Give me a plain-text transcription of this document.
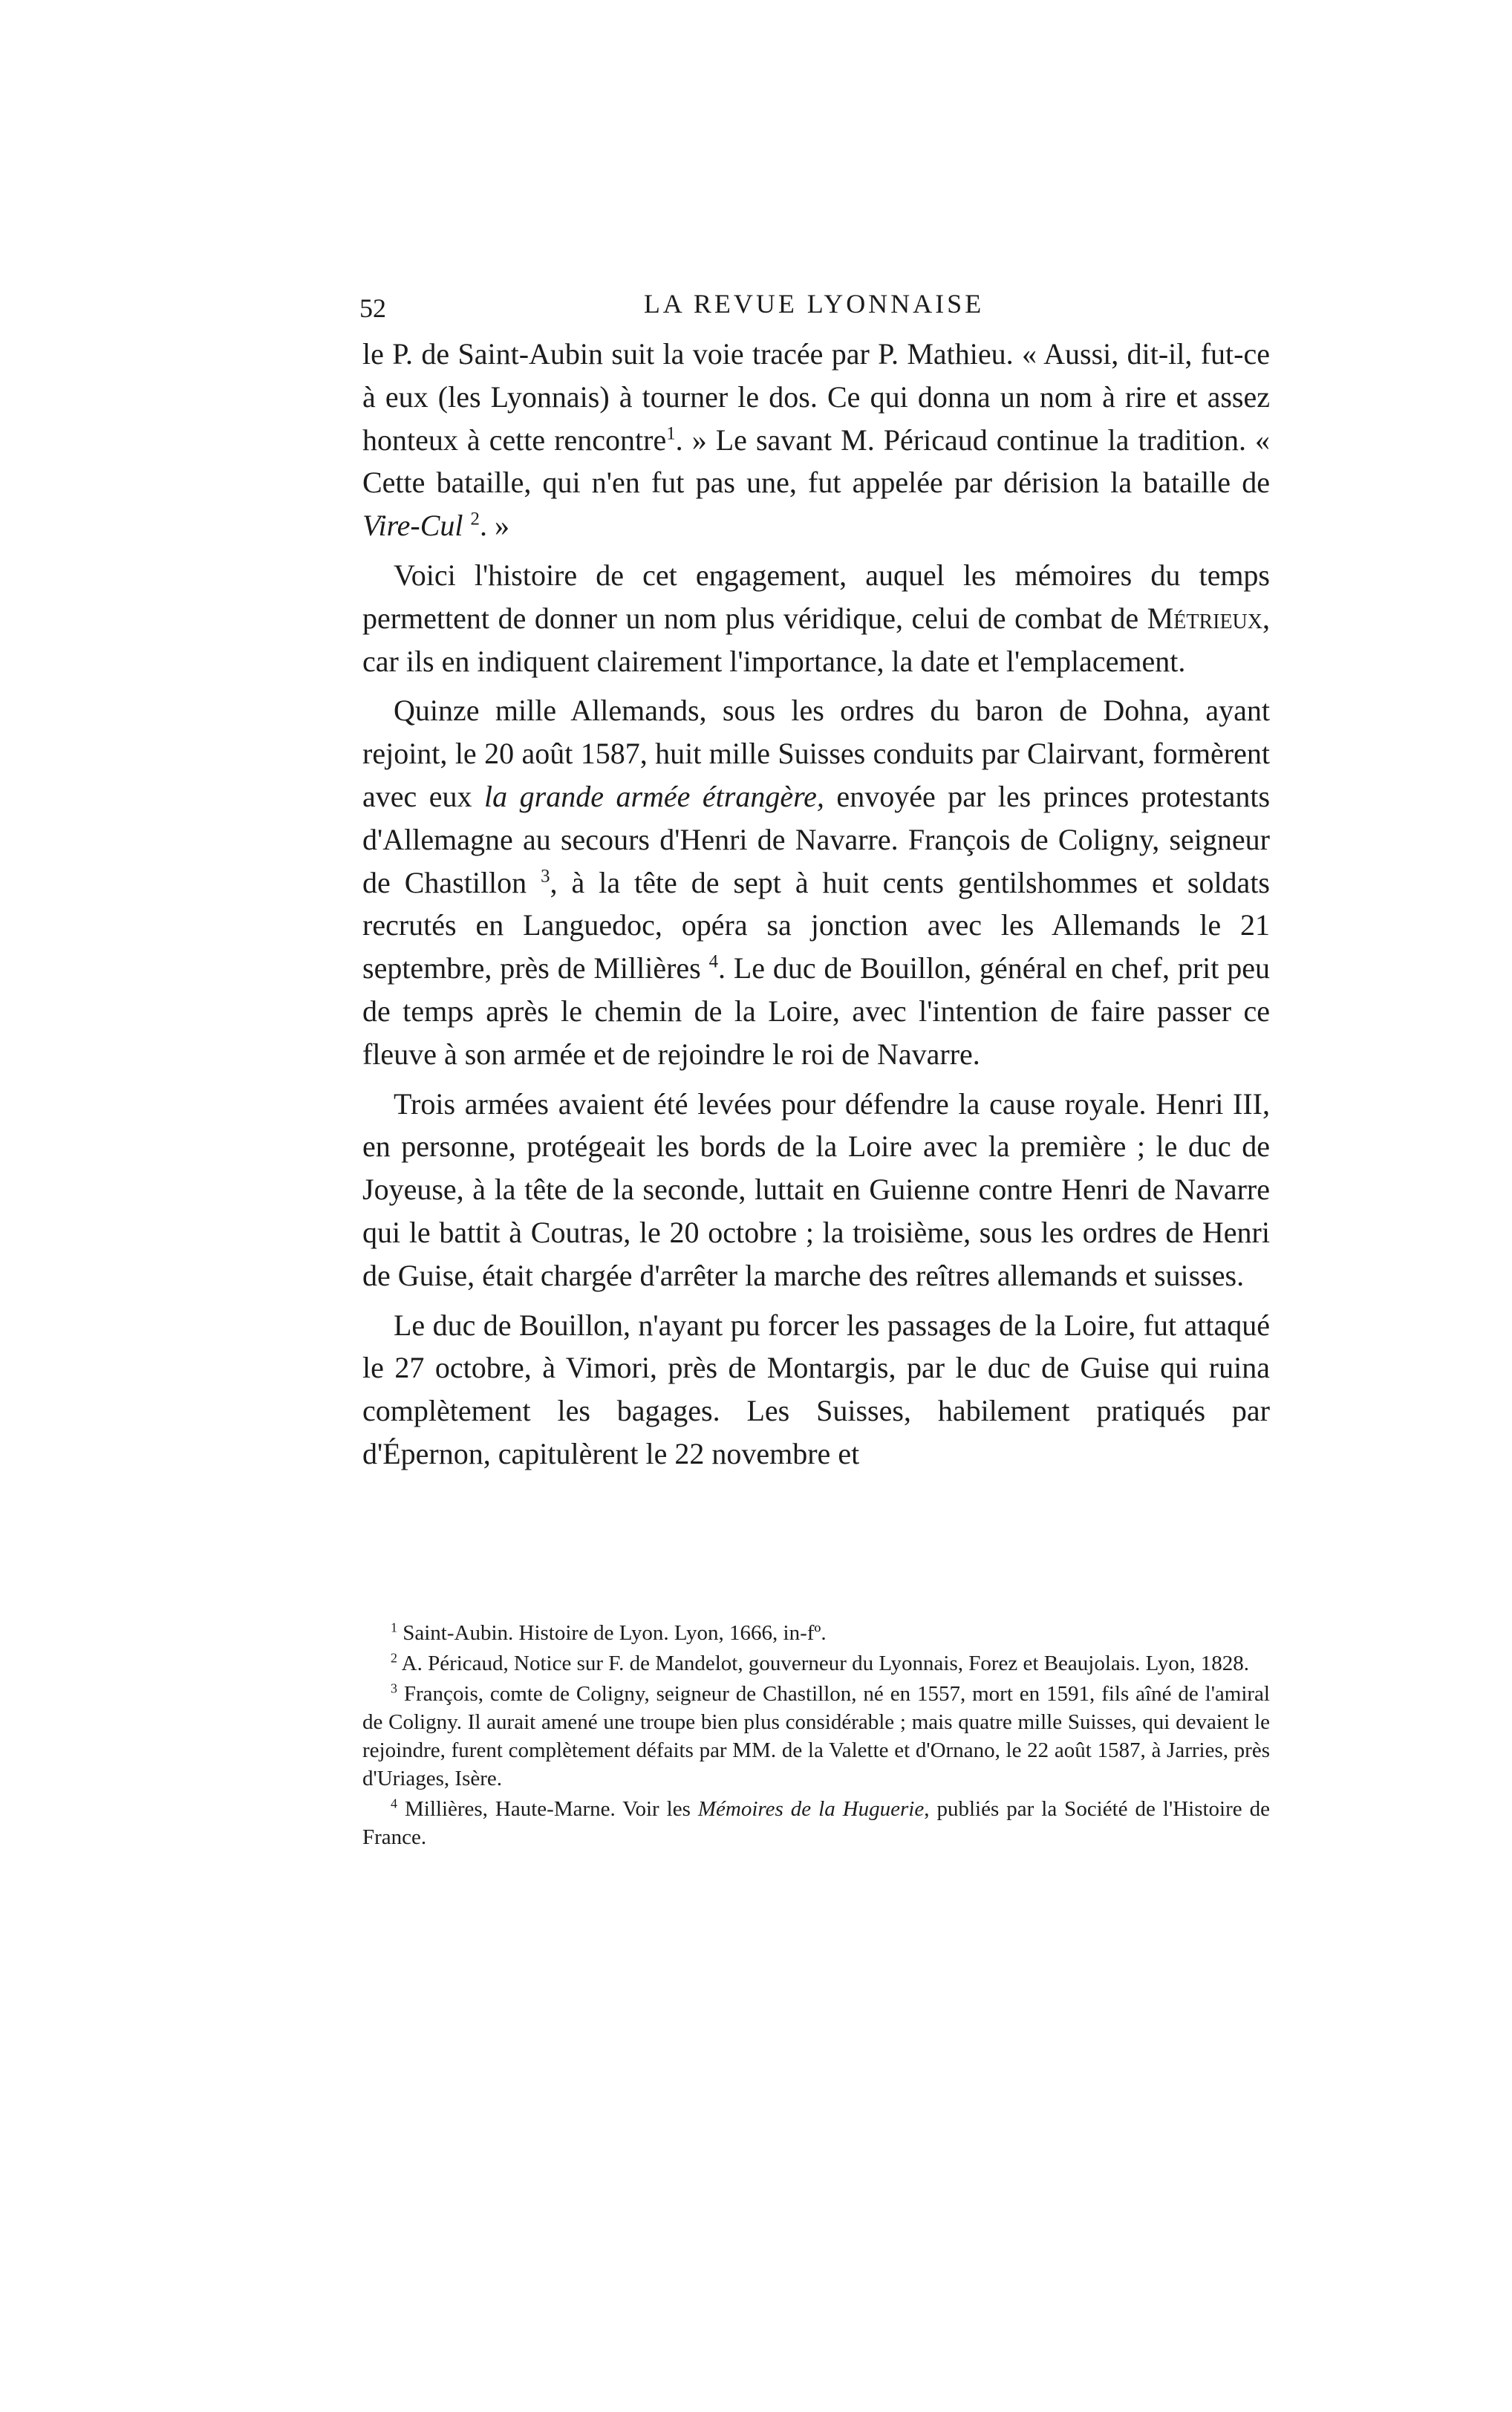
52	LA REVUE LYONNAISE

le P. de Saint-Aubin suit la voie tracée par P. Mathieu. « Aussi, dit-il, fut-ce à eux (les Lyonnais) à tourner le dos. Ce qui donna un nom à rire et assez honteux à cette rencontre$^1$. » Le savant M. Péricaud continue la tradition. « Cette bataille, qui n'en fut pas une, fut appelée par dérision la bataille de Vire-Cul $^2$. »

Voici l'histoire de cet engagement, auquel les mémoires du temps permettent de donner un nom plus véridique, celui de combat de Métrieux, car ils en indiquent clairement l'importance, la date et l'emplacement.

Quinze mille Allemands, sous les ordres du baron de Dohna, ayant rejoint, le 20 août 1587, huit mille Suisses conduits par Clairvant, formèrent avec eux la grande armée étrangère, envoyée par les princes protestants d'Allemagne au secours d'Henri de Navarre. François de Coligny, seigneur de Chastillon $^3$, à la tête de sept à huit cents gentilshommes et soldats recrutés en Languedoc, opéra sa jonction avec les Allemands le 21 septembre, près de Millières $^4$. Le duc de Bouillon, général en chef, prit peu de temps après le chemin de la Loire, avec l'intention de faire passer ce fleuve à son armée et de rejoindre le roi de Navarre.

Trois armées avaient été levées pour défendre la cause royale. Henri III, en personne, protégeait les bords de la Loire avec la première ; le duc de Joyeuse, à la tête de la seconde, luttait en Guienne contre Henri de Navarre qui le battit à Coutras, le 20 octobre ; la troisième, sous les ordres de Henri de Guise, était chargée d'arrêter la marche des reîtres allemands et suisses.

Le duc de Bouillon, n'ayant pu forcer les passages de la Loire, fut attaqué le 27 octobre, à Vimori, près de Montargis, par le duc de Guise qui ruina complètement les bagages. Les Suisses, habilement pratiqués par d'Épernon, capitulèrent le 22 novembre et

$^1$ Saint-Aubin. Histoire de Lyon. Lyon, 1666, in-fº.

$^2$ A. Péricaud, Notice sur F. de Mandelot, gouverneur du Lyonnais, Forez et Beaujolais. Lyon, 1828.

$^3$ François, comte de Coligny, seigneur de Chastillon, né en 1557, mort en 1591, fils aîné de l'amiral de Coligny. Il aurait amené une troupe bien plus considérable ; mais quatre mille Suisses, qui devaient le rejoindre, furent complètement défaits par MM. de la Valette et d'Ornano, le 22 août 1587, à Jarries, près d'Uriages, Isère.

$^4$ Millières, Haute-Marne. Voir les Mémoires de la Huguerie, publiés par la Société de l'Histoire de France.
